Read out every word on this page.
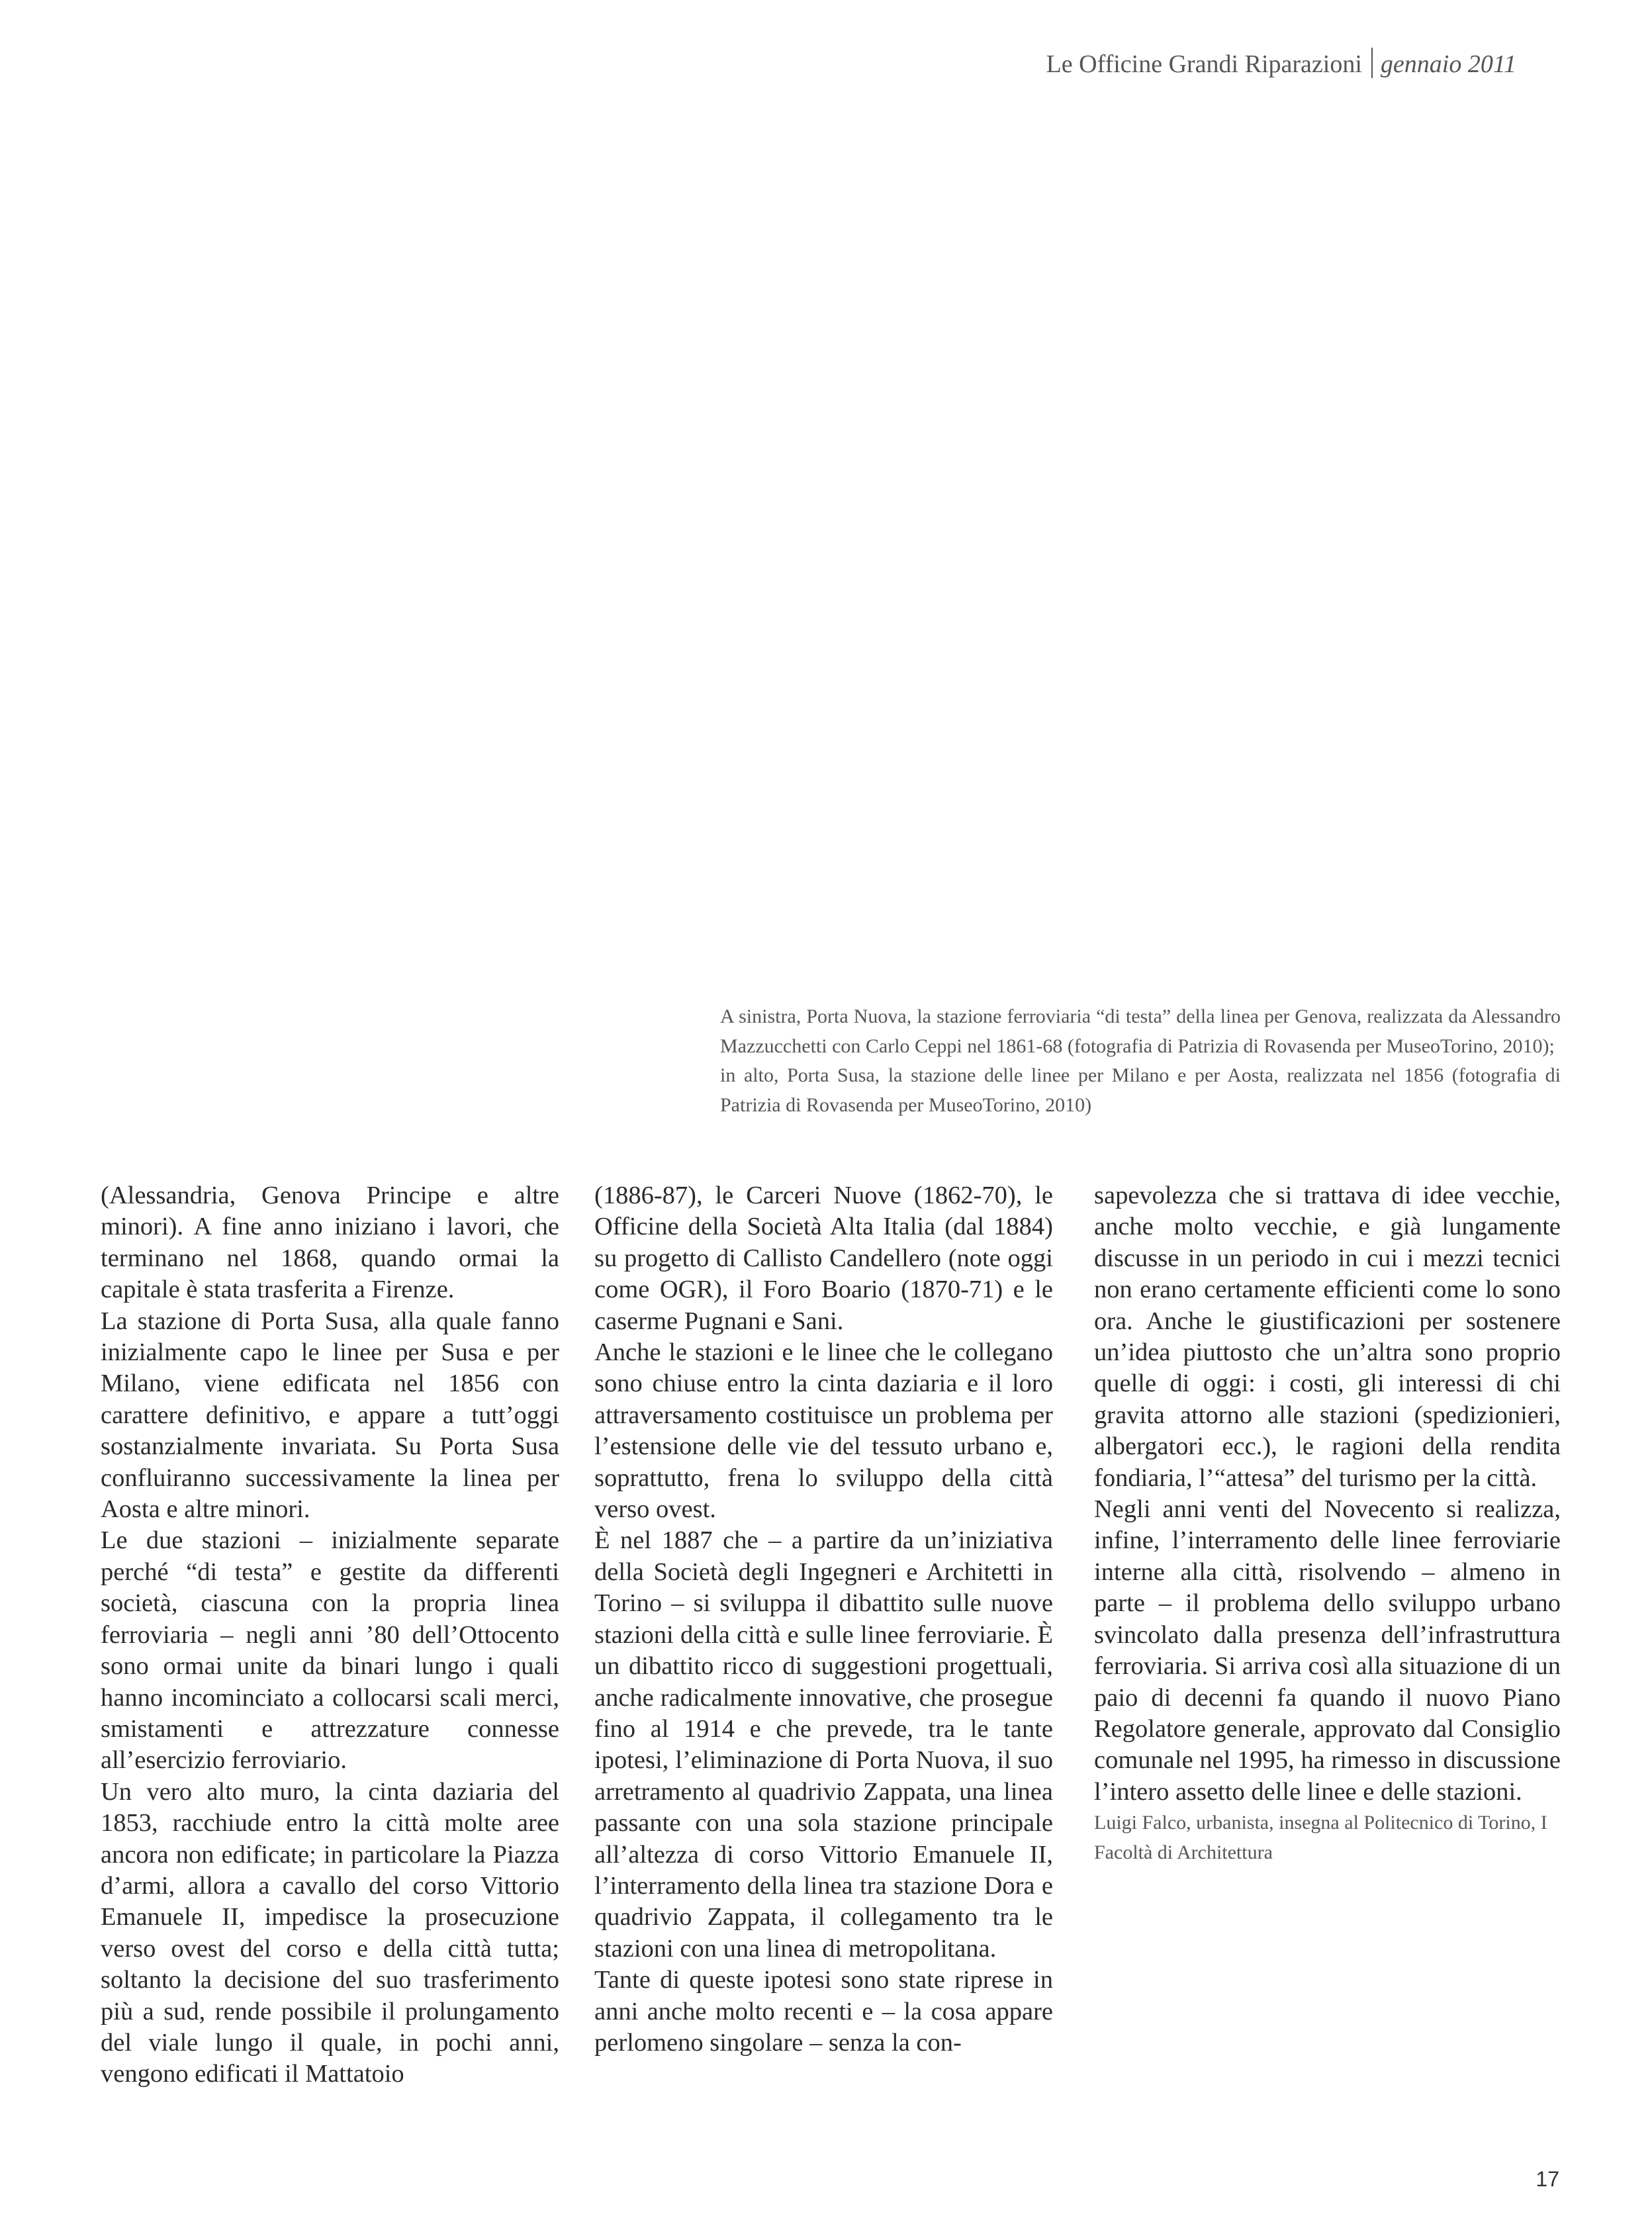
Le Officine Grandi Riparazioni gennaio 2011

A sinistra, Porta Nuova, la stazione ferroviaria “di testa” della linea per Genova, realizzata da Alessandro Mazzucchetti con Carlo Ceppi nel 1861-68 (fotografia di Patrizia di Rovasenda per MuseoTorino, 2010);

in alto, Porta Susa, la stazione delle linee per Milano e per Aosta, realizzata nel 1856 (fotografia di Patrizia di Rovasenda per MuseoTorino, 2010)

(Alessandria, Genova Principe e altre minori). A fine anno iniziano i lavori, che terminano nel 1868, quando ormai la capitale è stata trasferita a Firenze.

La stazione di Porta Susa, alla quale fanno inizialmente capo le linee per Susa e per Milano, viene edificata nel 1856 con carattere definitivo, e appare a tutt’oggi sostanzialmente invariata. Su Porta Susa confluiranno successivamente la linea per Aosta e altre minori.

Le due stazioni – inizialmente separate perché “di testa” e gestite da differenti società, ciascuna con la propria linea ferroviaria – negli anni ’80 dell’Ottocento sono ormai unite da binari lungo i quali hanno incominciato a collocarsi scali merci, smistamenti e attrezzature connesse all’esercizio ferroviario.

Un vero alto muro, la cinta daziaria del 1853, racchiude entro la città molte aree ancora non edificate; in particolare la Piazza d’armi, allora a cavallo del corso Vittorio Emanuele II, impedisce la prosecuzione verso ovest del corso e della città tutta; soltanto la decisione del suo trasferimento più a sud, rende possibile il prolungamento del viale lungo il quale, in pochi anni, vengono edificati il Mattatoio

(1886-87), le Carceri Nuove (1862-70), le Officine della Società Alta Italia (dal 1884) su progetto di Callisto Candellero (note oggi come OGR), il Foro Boario (1870-71) e le caserme Pugnani e Sani.

Anche le stazioni e le linee che le collegano sono chiuse entro la cinta daziaria e il loro attraversamento costituisce un problema per l’estensione delle vie del tessuto urbano e, soprattutto, frena lo sviluppo della città verso ovest.

È nel 1887 che – a partire da un’iniziativa della Società degli Ingegneri e Architetti in Torino – si sviluppa il dibattito sulle nuove stazioni della città e sulle linee ferroviarie. È un dibattito ricco di suggestioni progettuali, anche radicalmente innovative, che prosegue fino al 1914 e che prevede, tra le tante ipotesi, l’eliminazione di Porta Nuova, il suo arretramento al quadrivio Zappata, una linea passante con una sola stazione principale all’altezza di corso Vittorio Emanuele II, l’interramento della linea tra stazione Dora e quadrivio Zappata, il collegamento tra le stazioni con una linea di metropolitana.

Tante di queste ipotesi sono state riprese in anni anche molto recenti e – la cosa appare perlomeno singolare – senza la con-

sapevolezza che si trattava di idee vecchie, anche molto vecchie, e già lungamente discusse in un periodo in cui i mezzi tecnici non erano certamente efficienti come lo sono ora. Anche le giustificazioni per sostenere un’idea piuttosto che un’altra sono proprio quelle di oggi: i costi, gli interessi di chi gravita attorno alle stazioni (spedizionieri, albergatori ecc.), le ragioni della rendita fondiaria, l’“attesa” del turismo per la città.

Negli anni venti del Novecento si realizza, infine, l’interramento delle linee ferroviarie interne alla città, risolvendo – almeno in parte – il problema dello sviluppo urbano svincolato dalla presenza dell’infrastruttura ferroviaria. Si arriva così alla situazione di un paio di decenni fa quando il nuovo Piano Regolatore generale, approvato dal Consiglio comunale nel 1995, ha rimesso in discussione l’intero assetto delle linee e delle stazioni.

Luigi Falco, urbanista, insegna al Politecnico di Torino, I Facoltà di Architettura

17
